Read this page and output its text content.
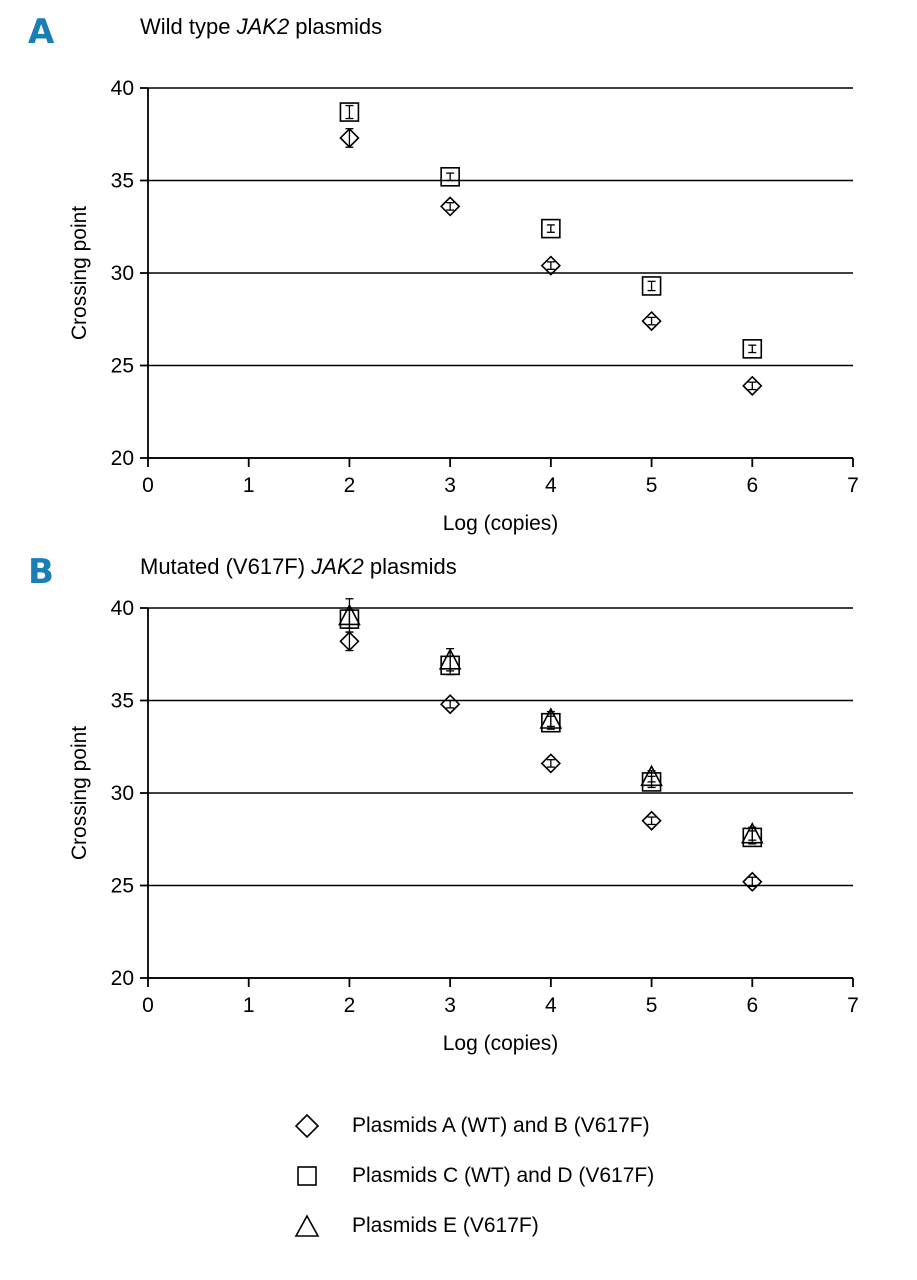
A	Wild type JAK2 plasmids
20
25
30
35
40
0	1	2	3	4	5	6	7
Log (copies)
Crossing point
B	Mutated (V617F) JAK2 plasmids
20
25
30
35
40
0	1	2	3	4	5	6	7
Log (copies)
Crossing point
Plasmids A (WT) and B (V617F)
Plasmids C (WT) and D (V617F)
Plasmids E (V617F)
